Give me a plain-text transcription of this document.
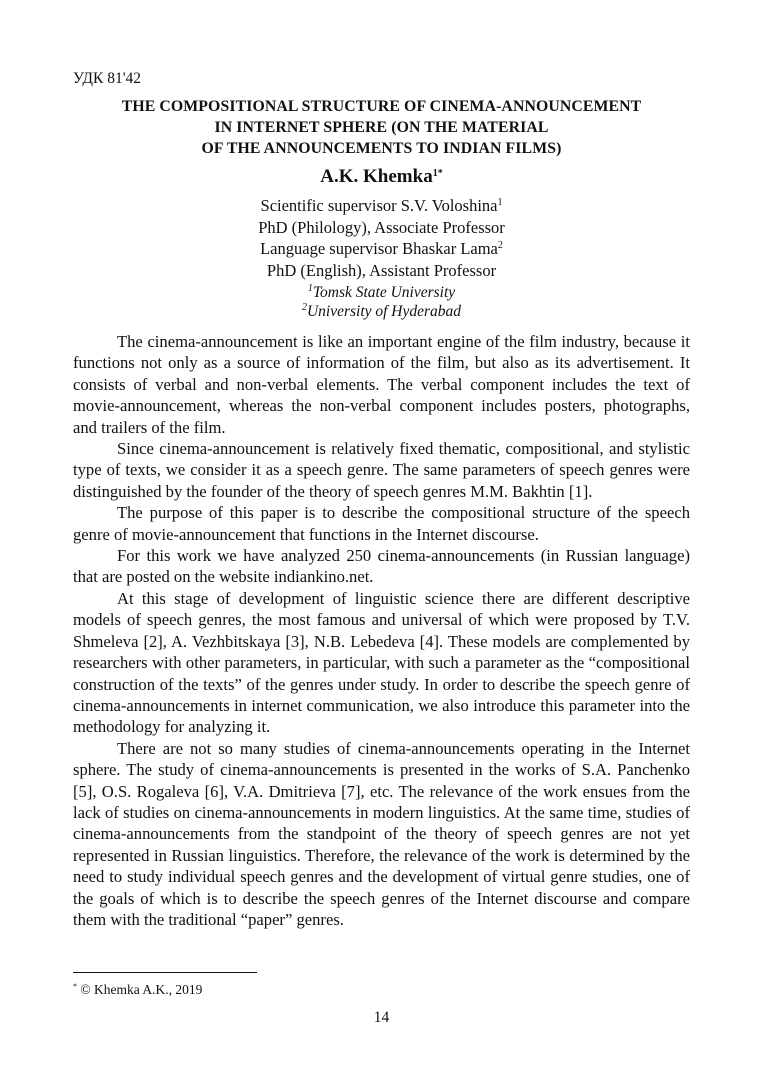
УДК 81'42
THE COMPOSITIONAL STRUCTURE OF CINEMA-ANNOUNCEMENT
IN INTERNET SPHERE (ON THE MATERIAL
OF THE ANNOUNCEMENTS TO INDIAN FILMS)
A.K. Khemka$^{1*}$
Scientific supervisor S.V. Voloshina$^1$
PhD (Philology), Associate Professor
Language supervisor Bhaskar Lama$^2$
PhD (English), Assistant Professor
$^1$Tomsk State University
$^2$University of Hyderabad

The cinema-announcement is like an important engine of the film industry, because it functions not only as a source of information of the film, but also as its advertisement. It consists of verbal and non-verbal elements. The verbal component includes the text of movie-announcement, whereas the non-verbal component includes posters, photographs, and trailers of the film.

Since cinema-announcement is relatively fixed thematic, compositional, and stylistic type of texts, we consider it as a speech genre. The same parameters of speech genres were distinguished by the founder of the theory of speech genres M.M. Bakhtin [1].

The purpose of this paper is to describe the compositional structure of the speech genre of movie-announcement that functions in the Internet discourse.

For this work we have analyzed 250 cinema-announcements (in Russian language) that are posted on the website indiankino.net.

At this stage of development of linguistic science there are different descriptive models of speech genres, the most famous and universal of which were proposed by T.V. Shmeleva [2], A. Vezhbitskaya [3], N.B. Lebedeva [4]. These models are complemented by researchers with other parameters, in particular, with such a parameter as the “compositional construction of the texts” of the genres under study. In order to describe the speech genre of cinema-announcements in internet communication, we also introduce this parameter into the methodology for analyzing it.

There are not so many studies of cinema-announcements operating in the Internet sphere. The study of cinema-announcements is presented in the works of S.A. Panchenko [5], O.S. Rogaleva [6], V.A. Dmitrieva [7], etc. The relevance of the work ensues from the lack of studies on cinema-announcements in modern linguistics. At the same time, studies of cinema-announcements from the standpoint of the theory of speech genres are not yet represented in Russian linguistics. Therefore, the relevance of the work is determined by the need to study individual speech genres and the development of virtual genre studies, one of the goals of which is to describe the speech genres of the Internet discourse and compare them with the traditional “paper” genres.

* © Khemka A.K., 2019
14
